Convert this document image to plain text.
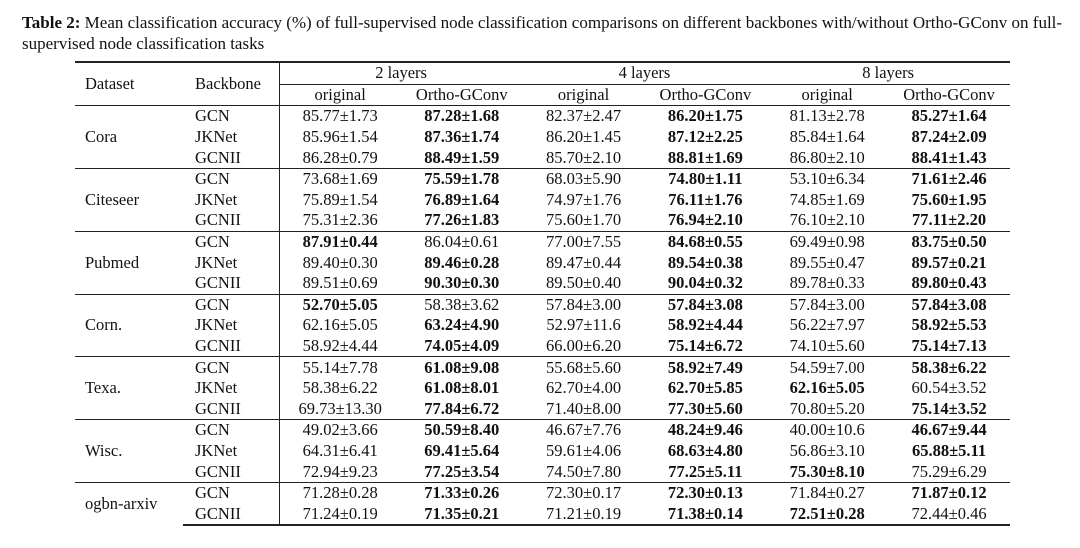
Table 2: Mean classification accuracy (%) of full-supervised node classification comparisons on different backbones with/without Ortho-GConv on full-supervised node classification tasks
Dataset	Backbone	2 layers		4 layers		8 layers	
		original	Ortho-GConv	original	Ortho-GConv	original	Ortho-GConv
Cora	GCN	85.77±1.73	87.28±1.68	82.37±2.47	86.20±1.75	81.13±2.78	85.27±1.64
	JKNet	85.96±1.54	87.36±1.74	86.20±1.45	87.12±2.25	85.84±1.64	87.24±2.09
	GCNII	86.28±0.79	88.49±1.59	85.70±2.10	88.81±1.69	86.80±2.10	88.41±1.43
Citeseer	GCN	73.68±1.69	75.59±1.78	68.03±5.90	74.80±1.11	53.10±6.34	71.61±2.46
	JKNet	75.89±1.54	76.89±1.64	74.97±1.76	76.11±1.76	74.85±1.69	75.60±1.95
	GCNII	75.31±2.36	77.26±1.83	75.60±1.70	76.94±2.10	76.10±2.10	77.11±2.20
Pubmed	GCN	87.91±0.44	86.04±0.61	77.00±7.55	84.68±0.55	69.49±0.98	83.75±0.50
	JKNet	89.40±0.30	89.46±0.28	89.47±0.44	89.54±0.38	89.55±0.47	89.57±0.21
	GCNII	89.51±0.69	90.30±0.30	89.50±0.40	90.04±0.32	89.78±0.33	89.80±0.43
Corn.	GCN	52.70±5.05	58.38±3.62	57.84±3.00	57.84±3.08	57.84±3.00	57.84±3.08
	JKNet	62.16±5.05	63.24±4.90	52.97±11.6	58.92±4.44	56.22±7.97	58.92±5.53
	GCNII	58.92±4.44	74.05±4.09	66.00±6.20	75.14±6.72	74.10±5.60	75.14±7.13
Texa.	GCN	55.14±7.78	61.08±9.08	55.68±5.60	58.92±7.49	54.59±7.00	58.38±6.22
	JKNet	58.38±6.22	61.08±8.01	62.70±4.00	62.70±5.85	62.16±5.05	60.54±3.52
	GCNII	69.73±13.30	77.84±6.72	71.40±8.00	77.30±5.60	70.80±5.20	75.14±3.52
Wisc.	GCN	49.02±3.66	50.59±8.40	46.67±7.76	48.24±9.46	40.00±10.6	46.67±9.44
	JKNet	64.31±6.41	69.41±5.64	59.61±4.06	68.63±4.80	56.86±3.10	65.88±5.11
	GCNII	72.94±9.23	77.25±3.54	74.50±7.80	77.25±5.11	75.30±8.10	75.29±6.29
ogbn-arxiv	GCN	71.28±0.28	71.33±0.26	72.30±0.17	72.30±0.13	71.84±0.27	71.87±0.12
	GCNII	71.24±0.19	71.35±0.21	71.21±0.19	71.38±0.14	72.51±0.28	72.44±0.46
